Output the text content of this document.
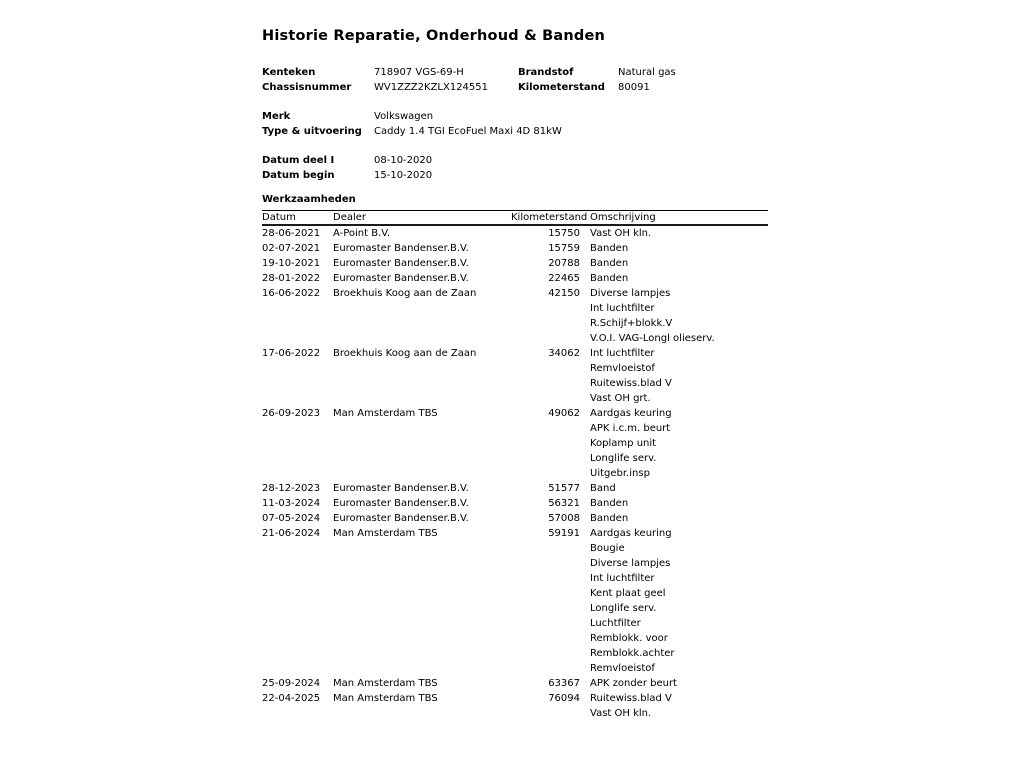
Historie Reparatie, Onderhoud & Banden
Kenteken	718907 VGS-69-H	Brandstof	Natural gas
Chassisnummer	WV1ZZZ2KZLX124551	Kilometerstand	80091
Merk	Volkswagen
Type & uitvoering	Caddy 1.4 TGI EcoFuel Maxi 4D 81kW
Datum deel I	08-10-2020
Datum begin	15-10-2020
Werkzaamheden
Datum	Dealer	Kilometerstand Omschrijving
28-06-2021	A-Point B.V.	15750 Vast OH kln.
02-07-2021	Euromaster Bandenser.B.V.	15759 Banden
19-10-2021	Euromaster Bandenser.B.V.	20788 Banden
28-01-2022	Euromaster Bandenser.B.V.	22465 Banden
16-06-2022	Broekhuis Koog aan de Zaan	42150 Diverse lampjes
Int luchtfilter
R.Schijf+blokk.V
V.O.I. VAG-Longl olieserv.
17-06-2022	Broekhuis Koog aan de Zaan	34062 Int luchtfilter
Remvloeistof
Ruitewiss.blad V
Vast OH grt.
26-09-2023	Man Amsterdam TBS	49062 Aardgas keuring
APK i.c.m. beurt
Koplamp unit
Longlife serv.
Uitgebr.insp
28-12-2023	Euromaster Bandenser.B.V.	51577 Band
11-03-2024	Euromaster Bandenser.B.V.	56321 Banden
07-05-2024	Euromaster Bandenser.B.V.	57008 Banden
21-06-2024	Man Amsterdam TBS	59191 Aardgas keuring
Bougie
Diverse lampjes
Int luchtfilter
Kent plaat geel
Longlife serv.
Luchtfilter
Remblokk. voor
Remblokk.achter
Remvloeistof
25-09-2024	Man Amsterdam TBS	63367 APK zonder beurt
22-04-2025	Man Amsterdam TBS	76094 Ruitewiss.blad V
Vast OH kln.
